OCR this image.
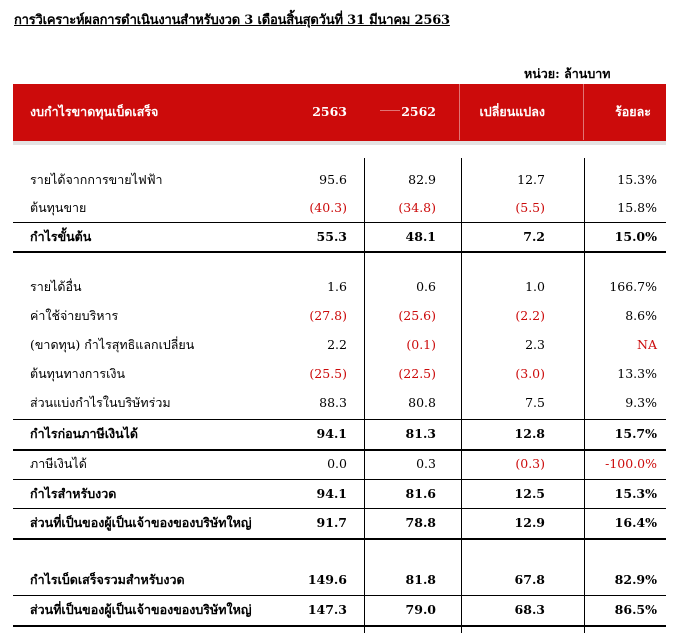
การวิเคราะห์ผลการดำเนินงานสำหรับงวด 3 เดือนสิ้นสุดวันที่ 31 มีนาคม 2563
หน่วย: ล้านบาท
งบกำไรขาดทุนเบ็ดเสร็จ	2563	2562	เปลี่ยนแปลง	ร้อยละ
รายได้จากการขายไฟฟ้า	95.6	82.9	12.7	15.3%
ต้นทุนขาย	(40.3)	(34.8)	(5.5)	15.8%
กำไรขั้นต้น	55.3	48.1	7.2	15.0%
รายได้อื่น	1.6	0.6	1.0	166.7%
ค่าใช้จ่ายบริหาร	(27.8)	(25.6)	(2.2)	8.6%
(ขาดทุน) กำไรสุทธิแลกเปลี่ยน	2.2	(0.1)	2.3	NA
ต้นทุนทางการเงิน	(25.5)	(22.5)	(3.0)	13.3%
ส่วนแบ่งกำไรในบริษัทร่วม	88.3	80.8	7.5	9.3%
กำไรก่อนภาษีเงินได้	94.1	81.3	12.8	15.7%
ภาษีเงินได้	0.0	0.3	(0.3)	-100.0%
กำไรสำหรับงวด	94.1	81.6	12.5	15.3%
ส่วนที่เป็นของผู้เป็นเจ้าของของบริษัทใหญ่	91.7	78.8	12.9	16.4%
กำไรเบ็ดเสร็จรวมสำหรับงวด	149.6	81.8	67.8	82.9%
ส่วนที่เป็นของผู้เป็นเจ้าของของบริษัทใหญ่	147.3	79.0	68.3	86.5%
